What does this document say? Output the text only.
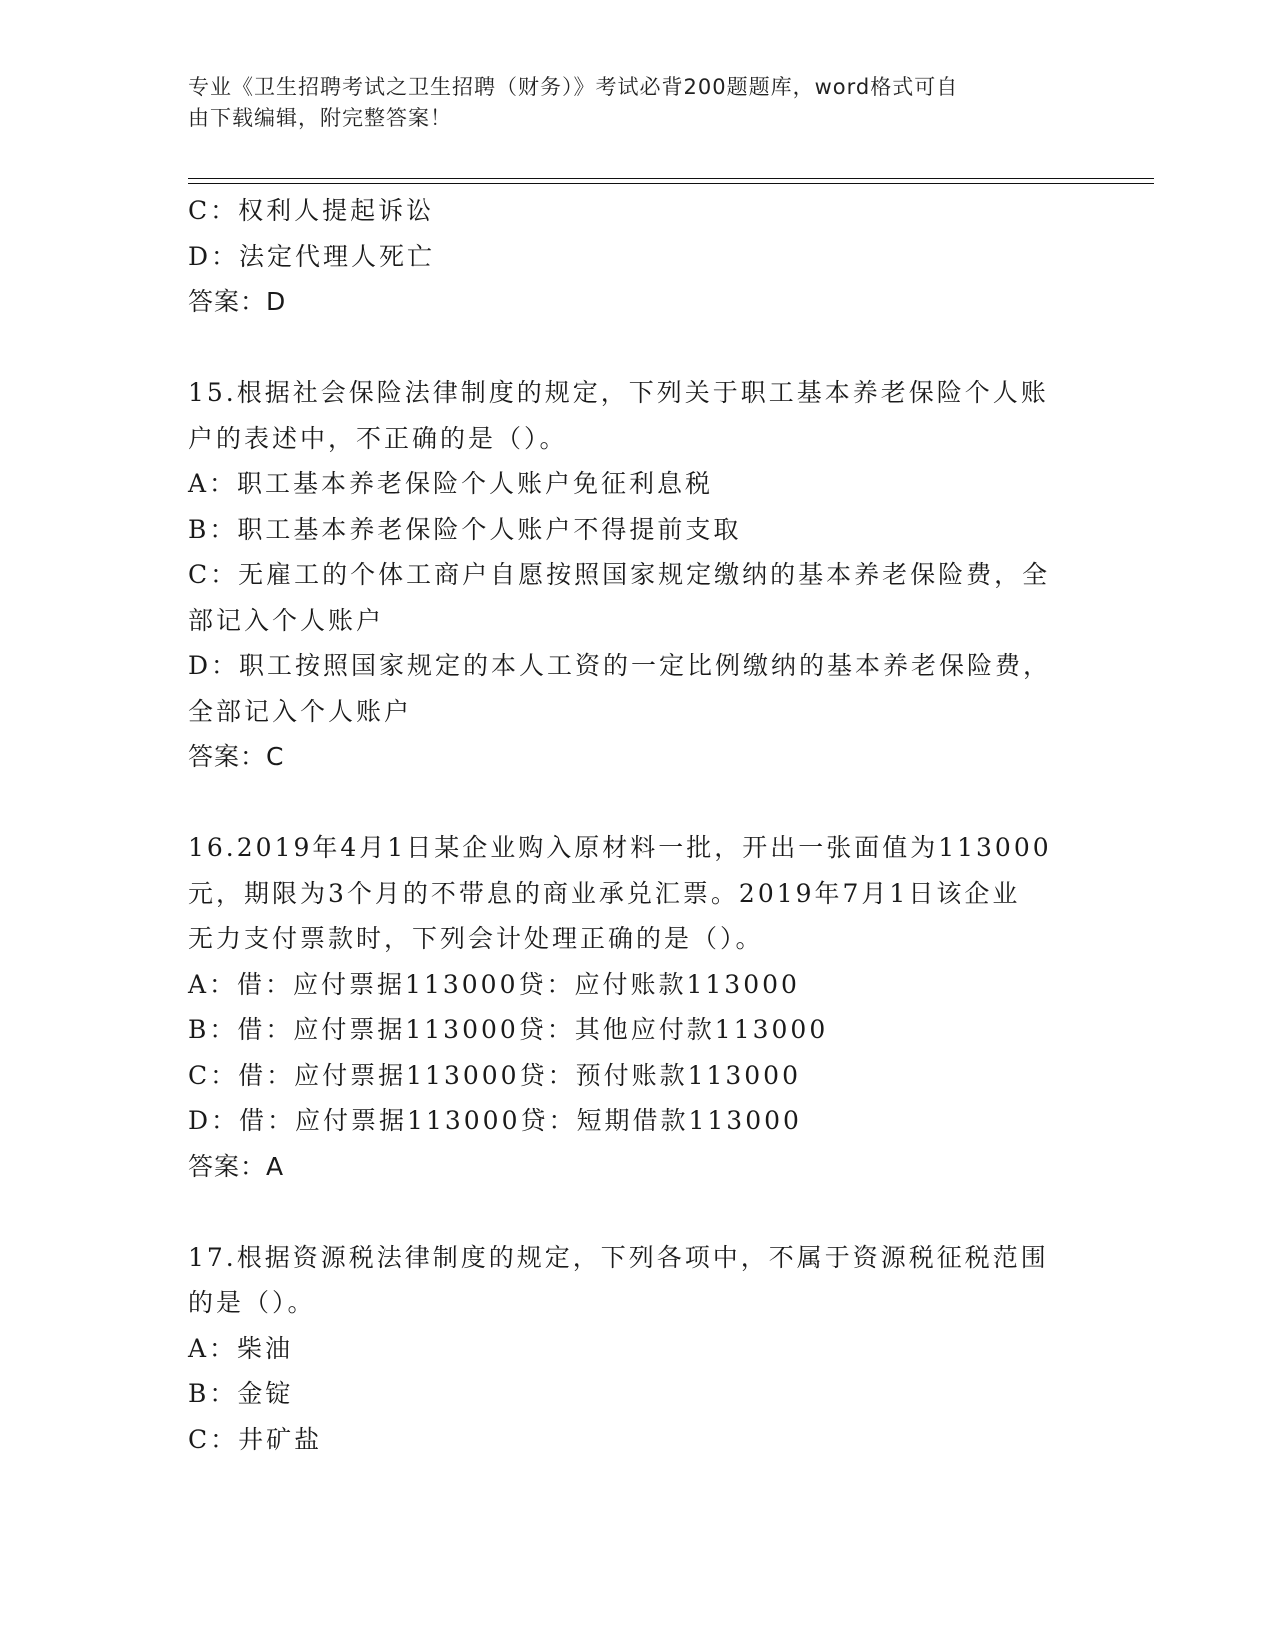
专业《卫生招聘考试之卫生招聘（财务）》考试必背200题题库，word格式可自
由下载编辑，附完整答案！
C：权利人提起诉讼
D：法定代理人死亡
答案：D
15.根据社会保险法律制度的规定，下列关于职工基本养老保险个人账
户的表述中，不正确的是（）。
A：职工基本养老保险个人账户免征利息税
B：职工基本养老保险个人账户不得提前支取
C：无雇工的个体工商户自愿按照国家规定缴纳的基本养老保险费，全
部记入个人账户
D：职工按照国家规定的本人工资的一定比例缴纳的基本养老保险费，
全部记入个人账户
答案：C
16.2019年4月1日某企业购入原材料一批，开出一张面值为113000
元，期限为3个月的不带息的商业承兑汇票。2019年7月1日该企业
无力支付票款时，下列会计处理正确的是（）。
A：借：应付票据113000贷：应付账款113000
B：借：应付票据113000贷：其他应付款113000
C：借：应付票据113000贷：预付账款113000
D：借：应付票据113000贷：短期借款113000
答案：A
17.根据资源税法律制度的规定，下列各项中，不属于资源税征税范围
的是（）。
A：柴油
B：金锭
C：井矿盐
